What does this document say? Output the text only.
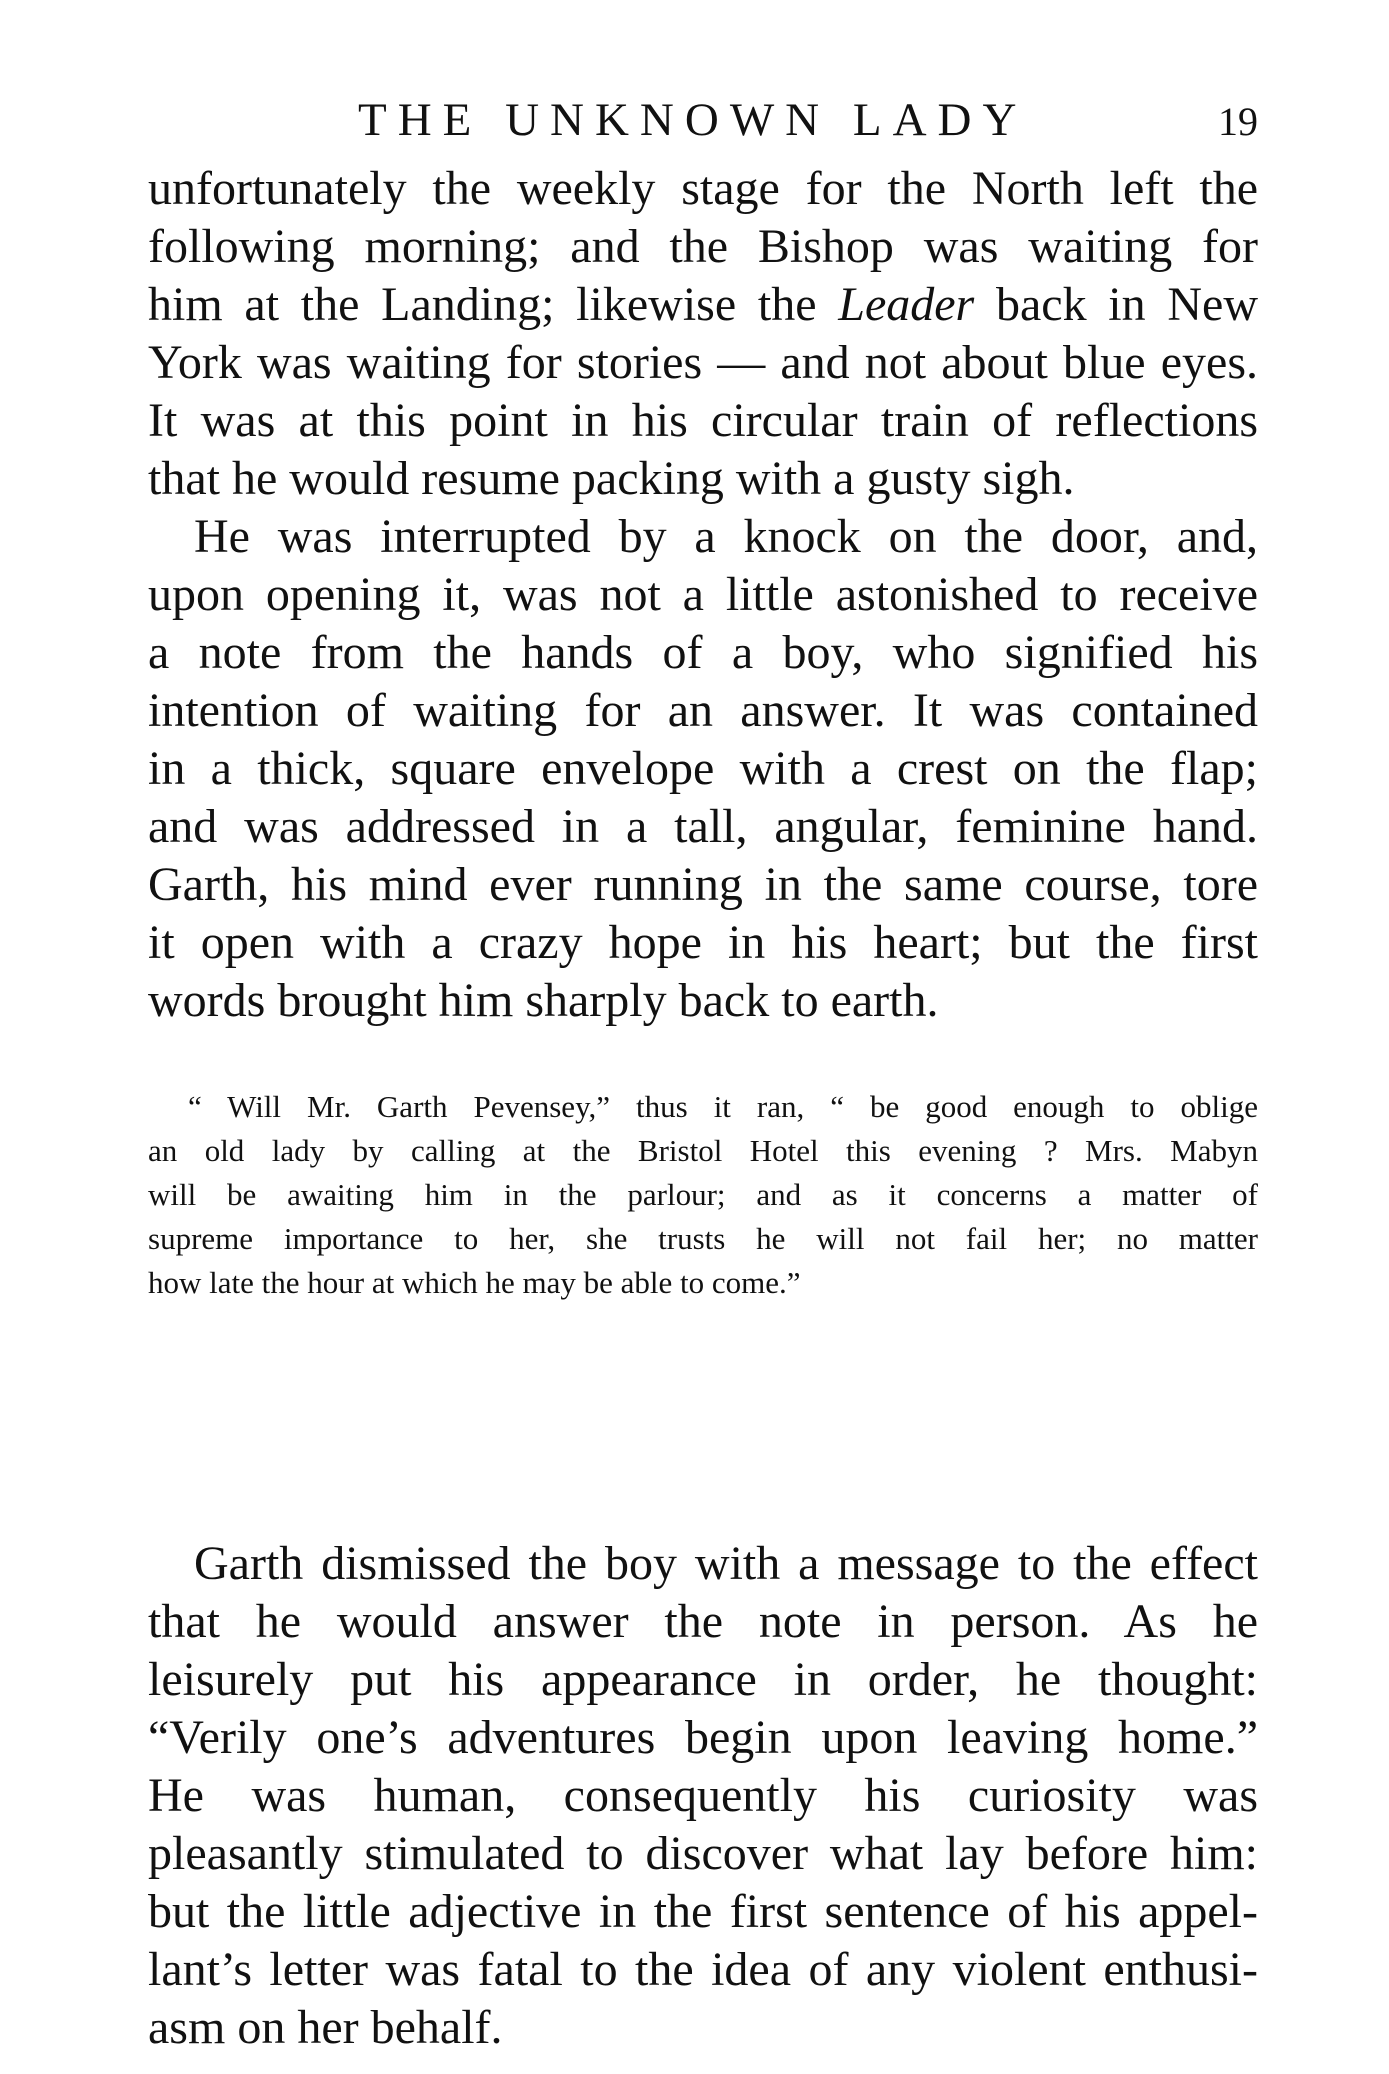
THE UNKNOWN LADY	19
unfortunately the weekly stage for the North left the
following morning; and the Bishop was waiting for
him at the Landing; likewise the Leader back in New
York was waiting for stories — and not about blue eyes.
It was at this point in his circular train of reflections
that he would resume packing with a gusty sigh.
He was interrupted by a knock on the door, and,
upon opening it, was not a little astonished to receive
a note from the hands of a boy, who signified his
intention of waiting for an answer. It was contained
in a thick, square envelope with a crest on the flap;
and was addressed in a tall, angular, feminine hand.
Garth, his mind ever running in the same course, tore
it open with a crazy hope in his heart; but the first
words brought him sharply back to earth.
“ Will Mr. Garth Pevensey,” thus it ran, “ be good enough to oblige
an old lady by calling at the Bristol Hotel this evening ? Mrs. Mabyn
will be awaiting him in the parlour; and as it concerns a matter of
supreme importance to her, she trusts he will not fail her; no matter
how late the hour at which he may be able to come.”
Garth dismissed the boy with a message to the effect
that he would answer the note in person. As he
leisurely put his appearance in order, he thought:
“Verily one’s adventures begin upon leaving home.”
He was human, consequently his curiosity was
pleasantly stimulated to discover what lay before him:
but the little adjective in the first sentence of his appel-
lant’s letter was fatal to the idea of any violent enthusi-
asm on her behalf.
